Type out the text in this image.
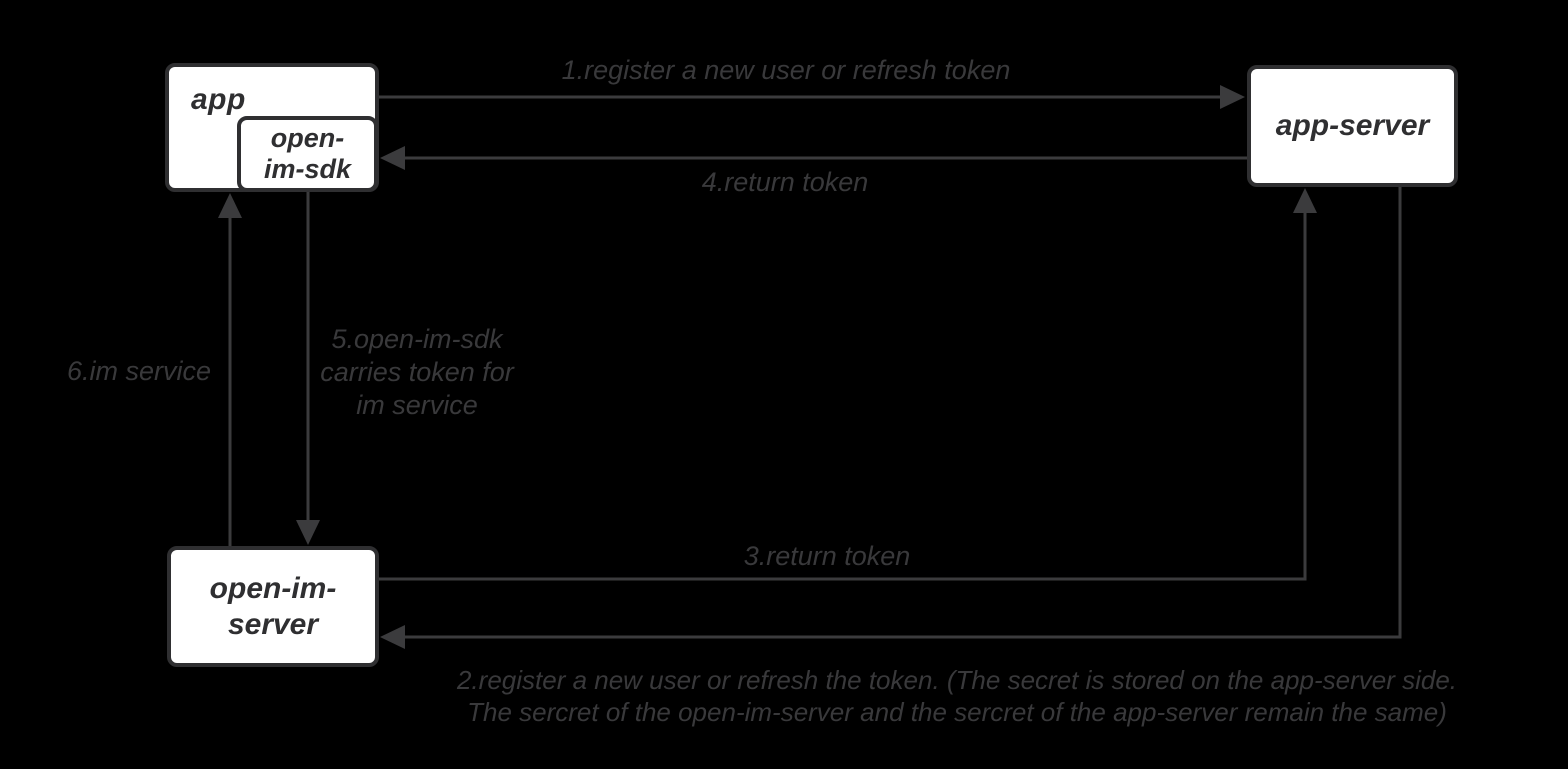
app
open-
im-sdk
app-server
open-im-
server
1.register a new user or refresh token
4.return token
5.open-im-sdk
carries token for
im service
6.im service
3.return token
2.register a new user or refresh the token. (The secret is stored on the app-server side.
The sercret of the open-im-server and the sercret of the app-server remain the same)
